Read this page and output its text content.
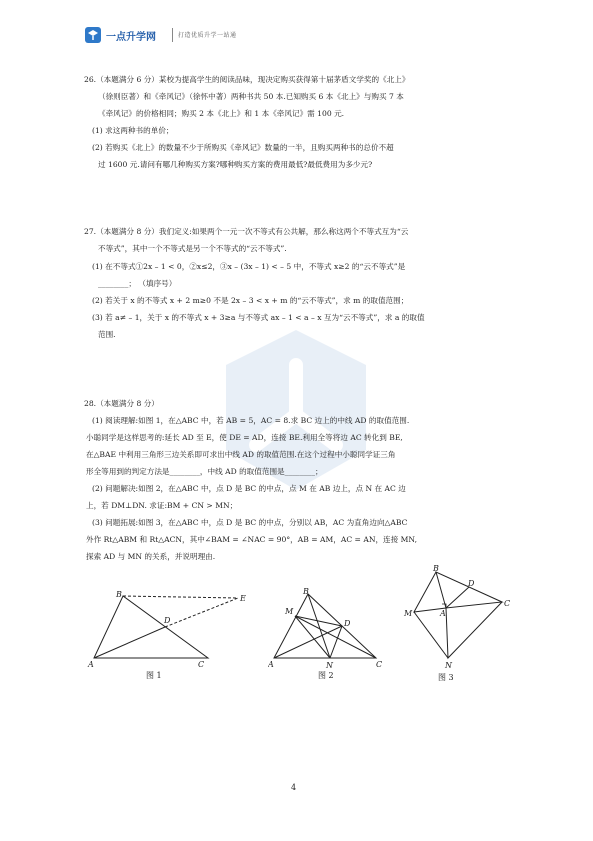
一点升学网	打造优质升学一站通
26.（本题满分 6 分）某校为提高学生的阅读品味，现决定购买获得第十届茅盾文学奖的《北上》
（徐则臣著）和《牵风记》（徐怀中著）两种书共 50 本.已知购买 6 本《北上》与购买 7 本
《牵风记》的价格相同；购买 2 本《北上》和 1 本《牵风记》需 100 元.
(1) 求这两种书的单价；
(2) 若购买《北上》的数量不少于所购买《牵风记》数量的一半，且购买两种书的总价不超
过 1600 元.请问有哪几种购买方案?哪种购买方案的费用最低?最低费用为多少元?
27.（本题满分 8 分）我们定义:如果两个一元一次不等式有公共解，那么称这两个不等式互为“云
不等式”，其中一个不等式是另一个不等式的“云不等式”.
(1) 在不等式①2x – 1 < 0，②x≤2，③x – (3x – 1) < – 5 中，不等式 x≥2 的“云不等式”是
________； （填序号）
(2) 若关于 x 的不等式 x + 2 m≥0 不是 2x – 3 < x + m 的“云不等式”，求 m 的取值范围；
(3) 若 a≠ – 1，关于 x 的不等式 x + 3≥a 与不等式 ax – 1 < a – x 互为“云不等式”，求 a 的取值
范围.
28.（本题满分 8 分）
(1) 阅读理解:如图 1，在△ABC 中，若 AB = 5，AC = 8.求 BC 边上的中线 AD 的取值范围.
小聪同学是这样思考的:延长 AD 至 E，使 DE = AD，连接 BE.利用全等将边 AC 转化到 BE,
在△BAE 中利用三角形三边关系即可求出中线 AD 的取值范围.在这个过程中小聪同学证三角
形全等用到的判定方法是________，中线 AD 的取值范围是________；
(2) 问题解决:如图 2，在△ABC 中，点 D 是 BC 的中点，点 M 在 AB 边上，点 N 在 AC 边
上，若 DM⊥DN. 求证:BM + CN > MN；
(3) 问题拓展:如图 3，在△ABC 中，点 D 是 BC 的中点，分别以 AB，AC 为直角边向△ABC
外作 Rt△ABM 和 Rt△ACN，其中∠BAM = ∠NAC = 90°，AB = AM，AC = AN，连接 MN,
探索 AD 与 MN 的关系，并说明理由.
A
B
C
D
E
图 1
A
B
C
D
M
N
图 2
B
D
C
M	A
N
图 3
4
